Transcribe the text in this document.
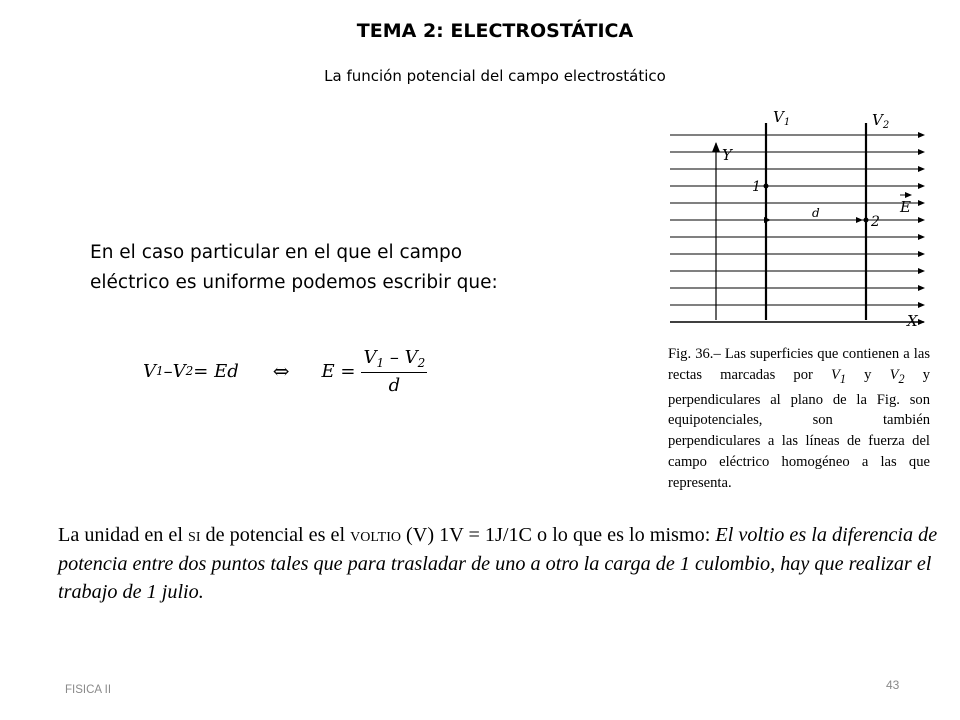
TEMA 2: ELECTROSTÁTICA
La función potencial del campo electrostático
En el caso particular en el que el campo
eléctrico es uniforme podemos escribir que:
V 1 – V 2 = Ed ⇔ $E = \frac{V_1 - V_2}{d}$
$V_1$	$V_2$
Y
X
E
1
2
d
Fig. 36.– Las superficies que contienen a las rectas marcadas por $V_1$ y $V_2$ y perpendiculares al plano de la Fig. son equipotenciales, son también perpendiculares a las líneas de fuerza del campo eléctrico homogéneo a las que representa.
La unidad en el si de potencial es el voltio (V) 1V = 1J/1C o lo que es lo mismo: El voltio es la diferencia de potencia entre dos puntos tales que para trasladar de uno a otro la carga de 1 culombio, hay que realizar el trabajo de 1 julio.
FISICA II	43
